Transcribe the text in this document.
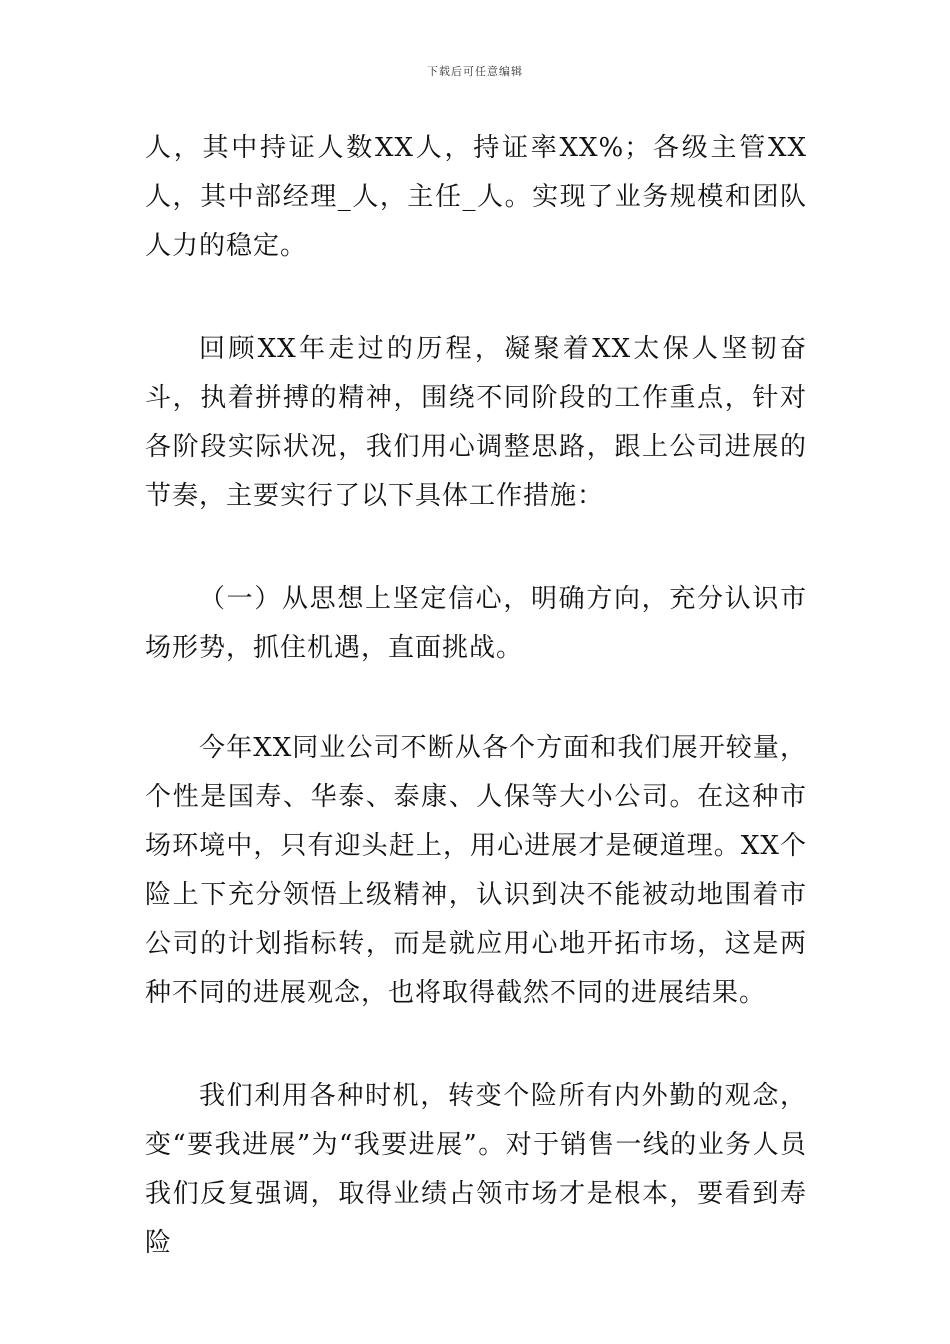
下载后可任意编辑

人，其中持证人数XX人，持证率XX%；各级主管XX人，其中部经理_人，主任_人。实现了业务规模和团队人力的稳定。

回顾XX年走过的历程，凝聚着XX太保人坚韧奋斗，执着拼搏的精神，围绕不同阶段的工作重点，针对各阶段实际状况，我们用心调整思路，跟上公司进展的节奏，主要实行了以下具体工作措施：

（一）从思想上坚定信心，明确方向，充分认识市场形势，抓住机遇，直面挑战。

今年XX同业公司不断从各个方面和我们展开较量，个性是国寿、华泰、泰康、人保等大小公司。在这种市场环境中，只有迎头赶上，用心进展才是硬道理。XX个险上下充分领悟上级精神，认识到决不能被动地围着市公司的计划指标转，而是就应用心地开拓市场，这是两种不同的进展观念，也将取得截然不同的进展结果。

我们利用各种时机，转变个险所有内外勤的观念，变“要我进展”为“我要进展”。对于销售一线的业务人员我们反复强调，取得业绩占领市场才是根本，要看到寿险
